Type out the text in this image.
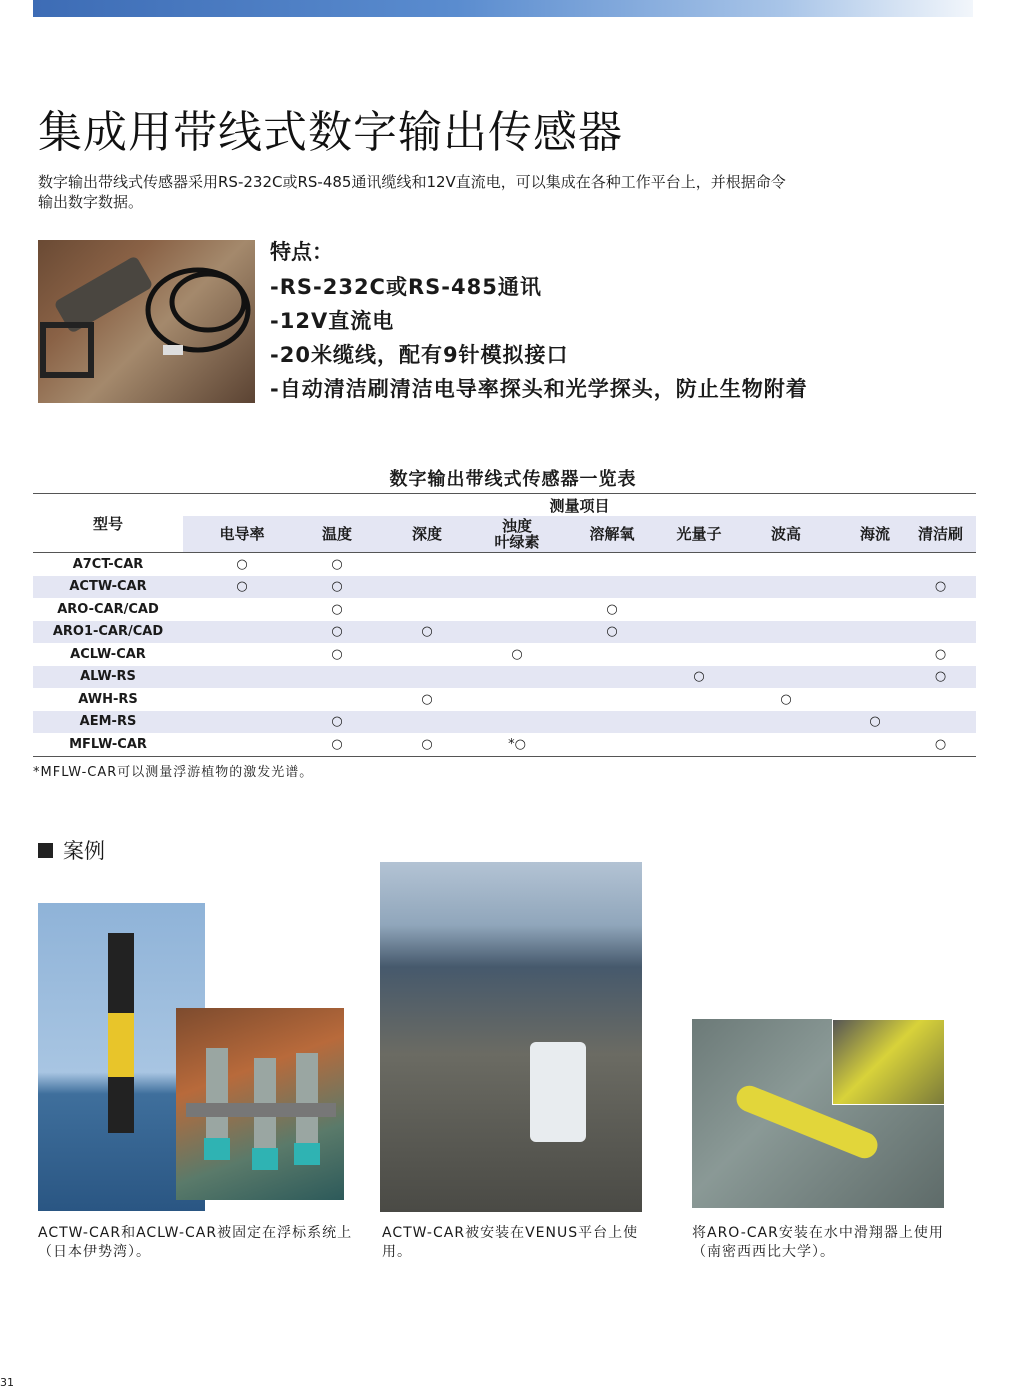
集成用带线式数字输出传感器
数字输出带线式传感器采用RS-232C或RS-485通讯缆线和12V直流电，可以集成在各种工作平台上，并根据命令输出数字数据。
特点：
-RS-232C或RS-485通讯
-12V直流电
-20米缆线，配有9针模拟接口
-自动清洁刷清洁电导率探头和光学探头，防止生物附着
数字输出带线式传感器一览表
型号	测量项目								
	电导率	温度	深度	浊度
叶绿素	溶解氧	光量子	波高	海流	清洁刷
A7CT-CAR	○	○							
ACTW-CAR	○	○							○
ARO-CAR/CAD		○			○				
ARO1-CAR/CAD		○	○		○				
ACLW-CAR		○		○					○
ALW-RS						○			○
AWH-RS			○				○		
AEM-RS		○						○	
MFLW-CAR		○	○	*○					○
*MFLW-CAR可以测量浮游植物的激发光谱。
案例
ACTW-CAR和ACLW-CAR被固定在浮标系统上（日本伊势湾）。
ACTW-CAR被安装在VENUS平台上使用。
将ARO-CAR安装在水中滑翔器上使用（南密西西比大学）。
31
